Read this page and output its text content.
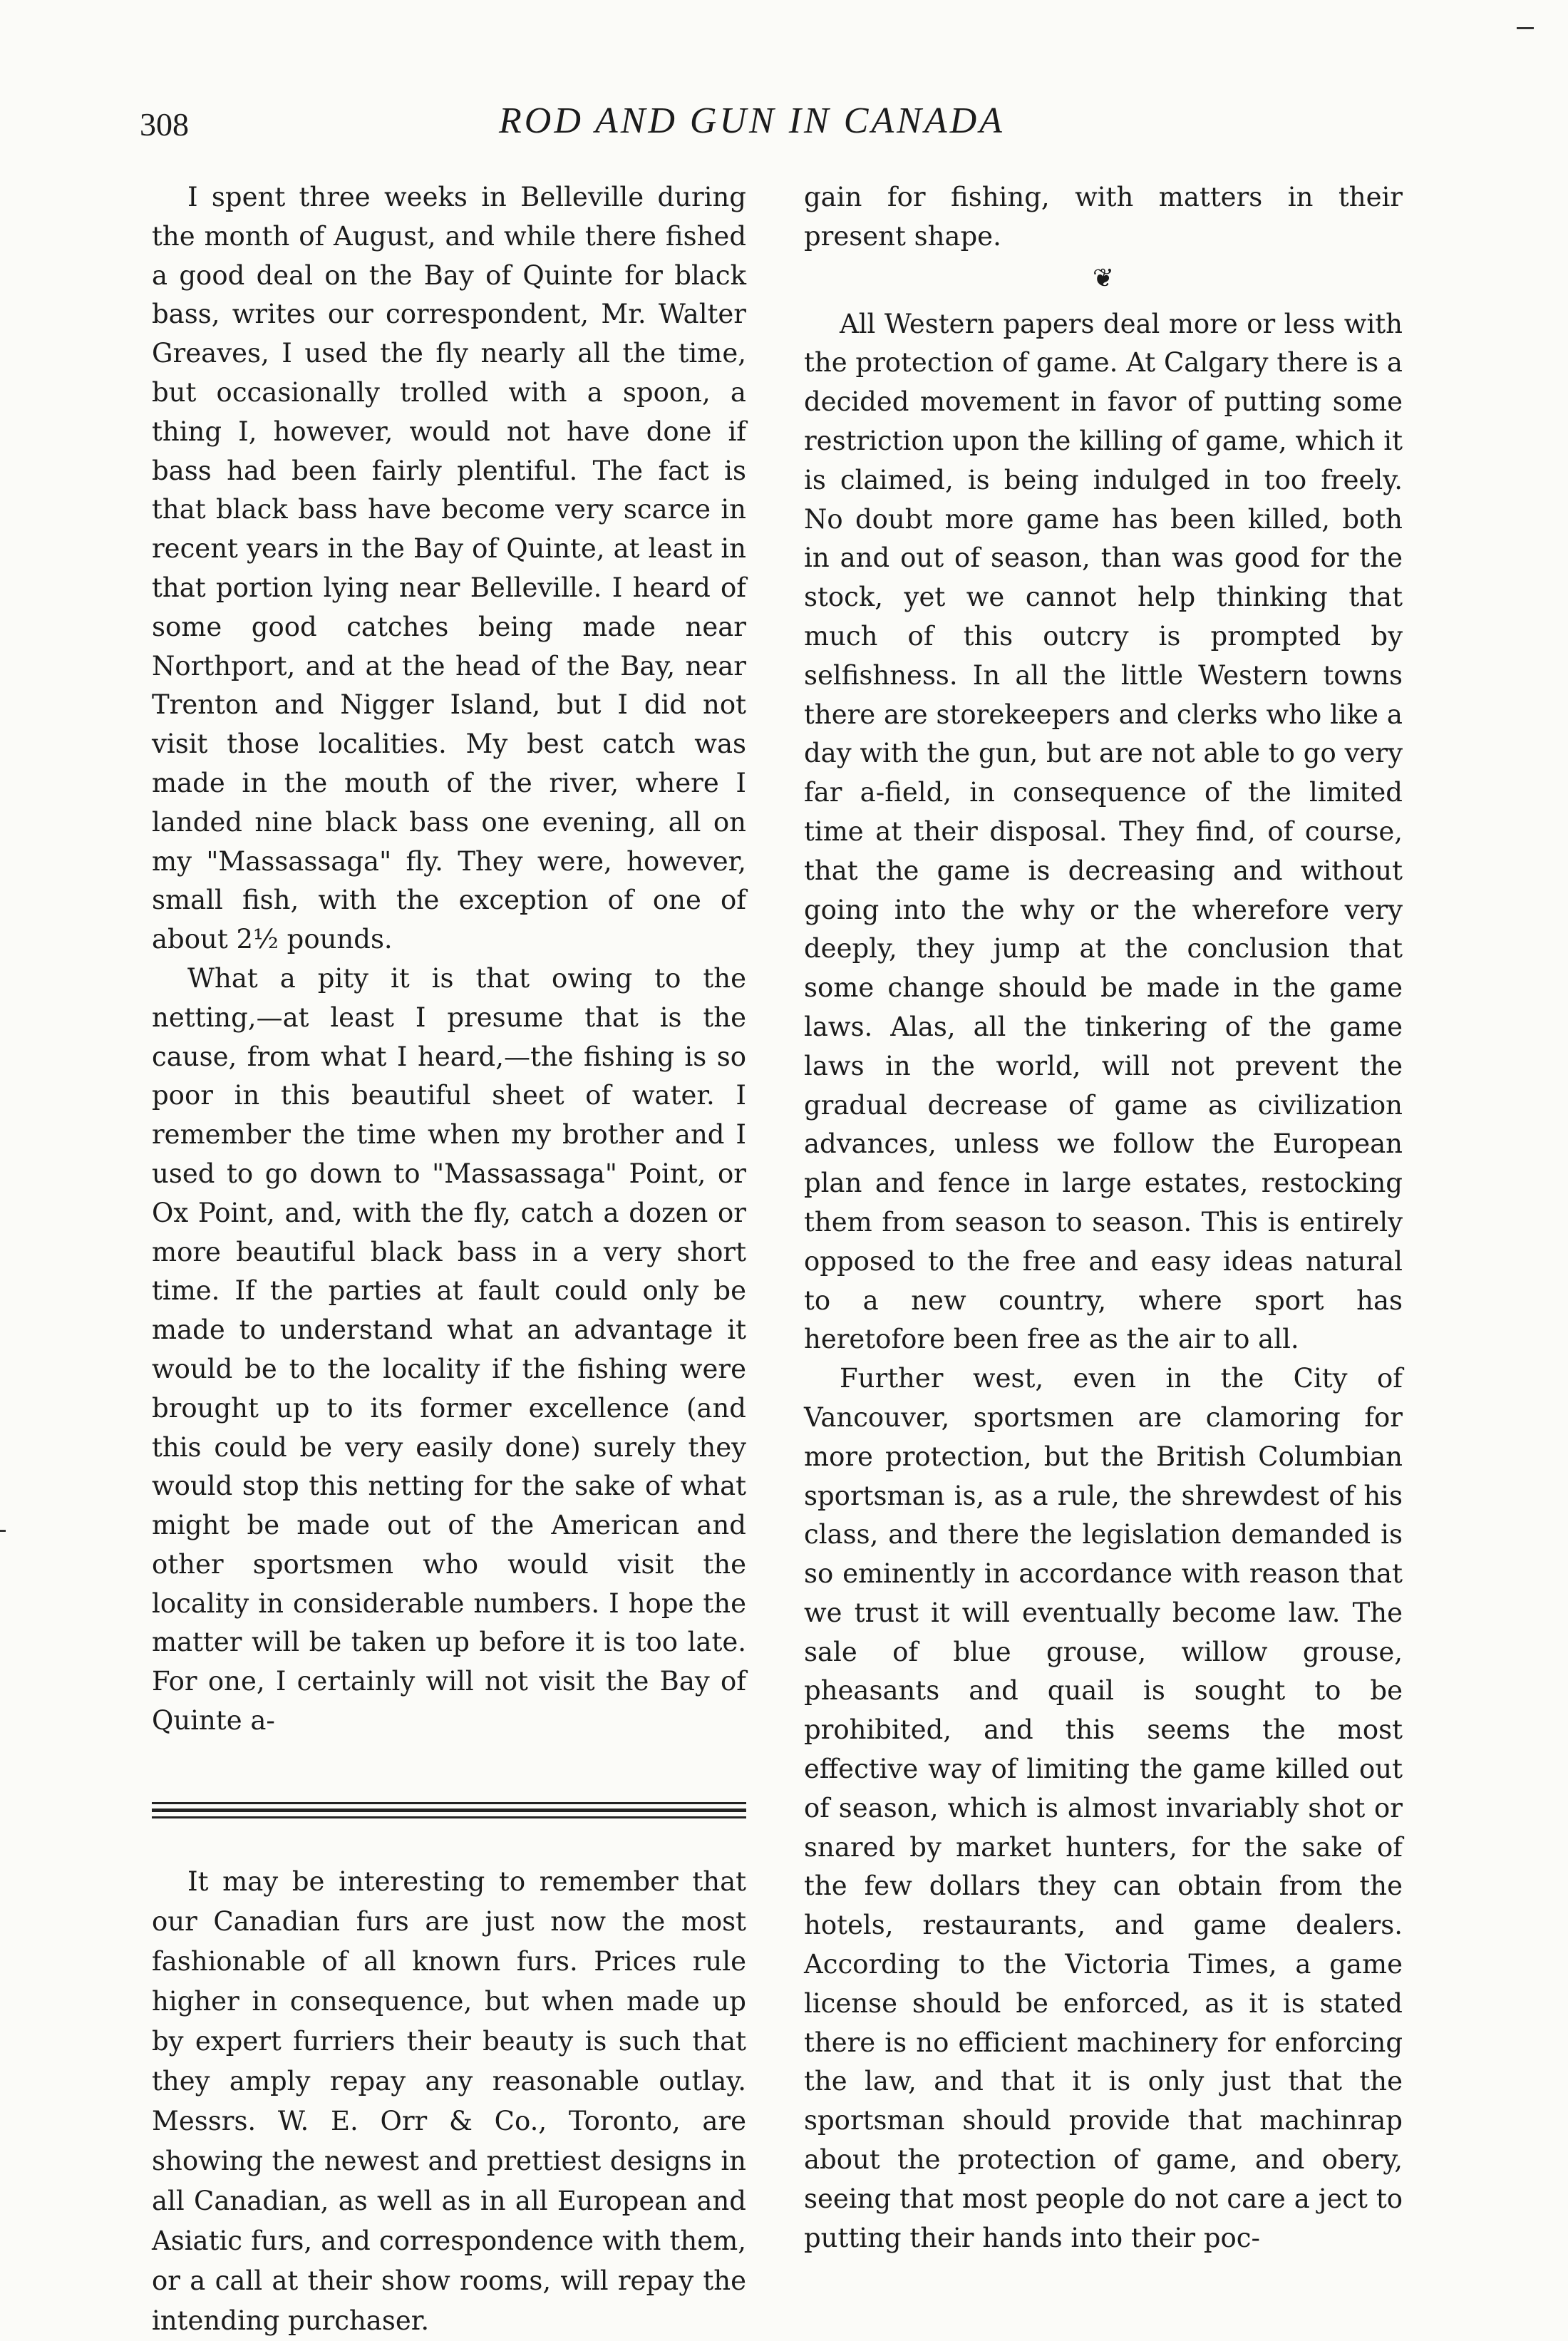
308	ROD AND GUN IN CANADA

I spent three weeks in Belleville during the month of August, and while there fished a good deal on the Bay of Quinte for black bass, writes our correspondent, Mr. Walter Greaves, I used the fly nearly all the time, but occasionally trolled with a spoon, a thing I, however, would not have done if bass had been fairly plentiful. The fact is that black bass have become very scarce in recent years in the Bay of Quinte, at least in that portion lying near Belleville. I heard of some good catches being made near Northport, and at the head of the Bay, near Trenton and Nigger Island, but I did not visit those localities. My best catch was made in the mouth of the river, where I landed nine black bass one evening, all on my "Massassaga" fly. They were, however, small fish, with the exception of one of about 2½ pounds.

What a pity it is that owing to the netting,—at least I presume that is the cause, from what I heard,—the fishing is so poor in this beautiful sheet of water. I remember the time when my brother and I used to go down to "Massassaga" Point, or Ox Point, and, with the fly, catch a dozen or more beautiful black bass in a very short time. If the parties at fault could only be made to understand what an advantage it would be to the locality if the fishing were brought up to its former excellence (and this could be very easily done) surely they would stop this netting for the sake of what might be made out of the American and other sportsmen who would visit the locality in considerable numbers. I hope the matter will be taken up before it is too late. For one, I certainly will not visit the Bay of Quinte a-

It may be interesting to remember that our Canadian furs are just now the most fashionable of all known furs. Prices rule higher in consequence, but when made up by expert furriers their beauty is such that they amply repay any reasonable outlay. Messrs. W. E. Orr & Co., Toronto, are showing the newest and prettiest designs in all Canadian, as well as in all European and Asiatic furs, and correspondence with them, or a call at their show rooms, will repay the intending purchaser.

gain for fishing, with matters in their present shape.

❦

All Western papers deal more or less with the protection of game. At Calgary there is a decided movement in favor of putting some restriction upon the killing of game, which it is claimed, is being indulged in too freely. No doubt more game has been killed, both in and out of season, than was good for the stock, yet we cannot help thinking that much of this outcry is prompted by selfishness. In all the little Western towns there are storekeepers and clerks who like a day with the gun, but are not able to go very far a-field, in consequence of the limited time at their disposal. They find, of course, that the game is decreasing and without going into the why or the wherefore very deeply, they jump at the conclusion that some change should be made in the game laws. Alas, all the tinkering of the game laws in the world, will not prevent the gradual decrease of game as civilization advances, unless we follow the European plan and fence in large estates, restocking them from season to season. This is entirely opposed to the free and easy ideas natural to a new country, where sport has heretofore been free as the air to all.

Further west, even in the City of Vancouver, sportsmen are clamoring for more protection, but the British Columbian sportsman is, as a rule, the shrewdest of his class, and there the legislation demanded is so eminently in accordance with reason that we trust it will eventually become law. The sale of blue grouse, willow grouse, pheasants and quail is sought to be prohibited, and this seems the most effective way of limiting the game killed out of season, which is almost invariably shot or snared by market hunters, for the sake of the few dollars they can obtain from the hotels, restaurants, and game dealers. According to the Victoria Times, a game license should be enforced, as it is stated there is no efficient machinery for enforcing the law, and that it is only just that the sportsman should provide that machinrap about the protection of game, and obery, seeing that most people do not care a ject to putting their hands into their poc-
